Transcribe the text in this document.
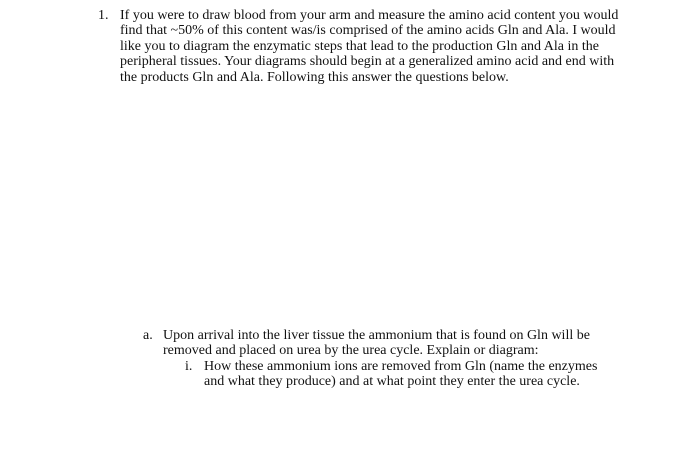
1. If you were to draw blood from your arm and measure the amino acid content you would
find that ~50% of this content was/is comprised of the amino acids Gln and Ala. I would
like you to diagram the enzymatic steps that lead to the production Gln and Ala in the
peripheral tissues. Your diagrams should begin at a generalized amino acid and end with
the products Gln and Ala. Following this answer the questions below.
a. Upon arrival into the liver tissue the ammonium that is found on Gln will be
removed and placed on urea by the urea cycle. Explain or diagram:
i. How these ammonium ions are removed from Gln (name the enzymes
and what they produce) and at what point they enter the urea cycle.
